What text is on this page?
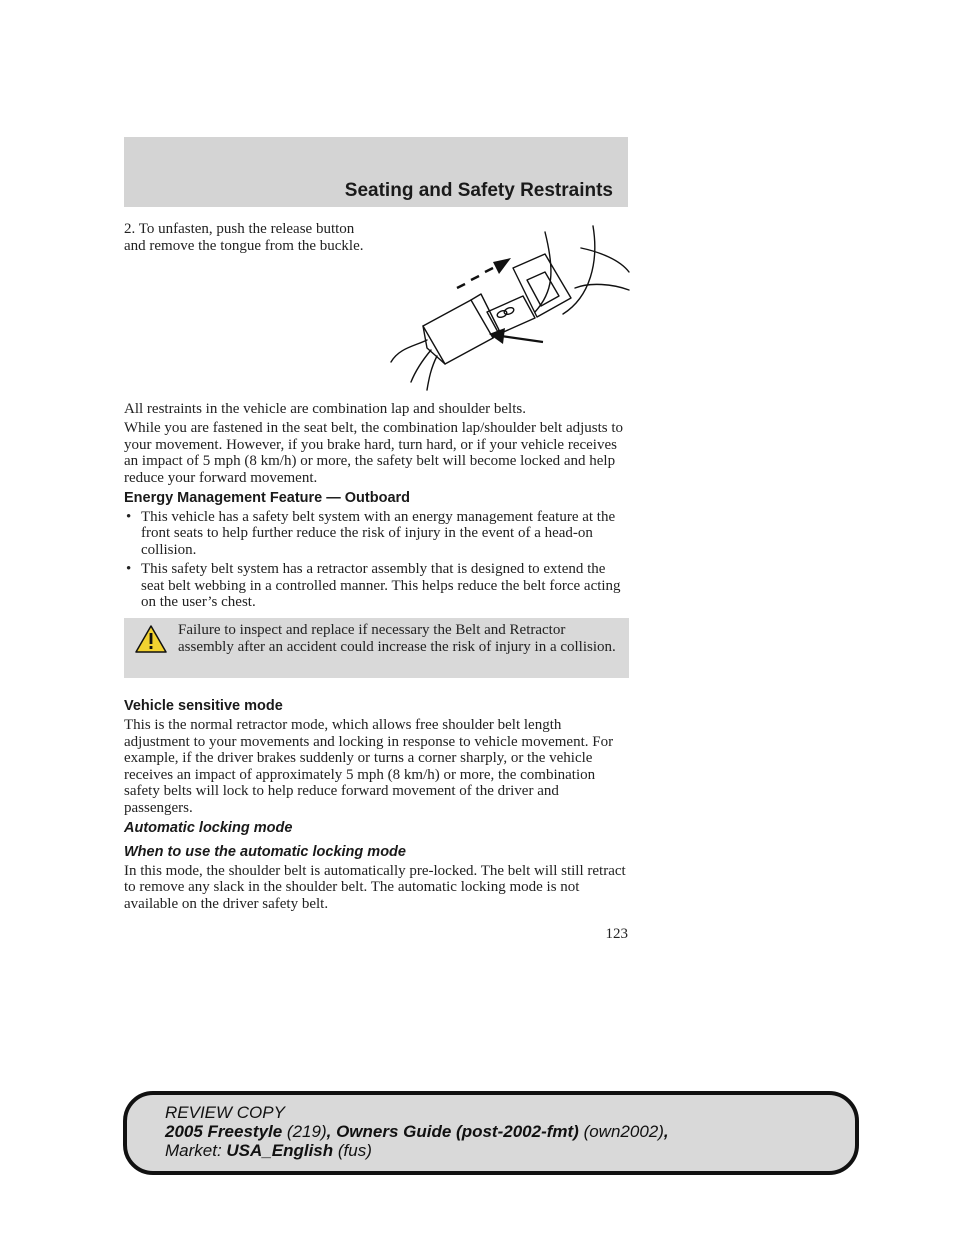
Seating and Safety Restraints

2. To unfasten, push the release button and remove the tongue from the buckle.

All restraints in the vehicle are combination lap and shoulder belts.

While you are fastened in the seat belt, the combination lap/shoulder belt adjusts to your movement. However, if you brake hard, turn hard, or if your vehicle receives an impact of 5 mph (8 km/h) or more, the safety belt will become locked and help reduce your forward movement.

Energy Management Feature — Outboard
• This vehicle has a safety belt system with an energy management feature at the front seats to help further reduce the risk of injury in the event of a head-on collision.
• This safety belt system has a retractor assembly that is designed to extend the seat belt webbing in a controlled manner. This helps reduce the belt force acting on the user’s chest.
Failure to inspect and replace if necessary the Belt and Retractor assembly after an accident could increase the risk of injury in a collision.
Vehicle sensitive mode

This is the normal retractor mode, which allows free shoulder belt length adjustment to your movements and locking in response to vehicle movement. For example, if the driver brakes suddenly or turns a corner sharply, or the vehicle receives an impact of approximately 5 mph (8 km/h) or more, the combination safety belts will lock to help reduce forward movement of the driver and passengers.

Automatic locking mode
When to use the automatic locking mode

In this mode, the shoulder belt is automatically pre-locked. The belt will still retract to remove any slack in the shoulder belt. The automatic locking mode is not available on the driver safety belt.

123
REVIEW COPY
2005 Freestyle (219), Owners Guide (post-2002-fmt) (own2002),
Market: USA_English (fus)
